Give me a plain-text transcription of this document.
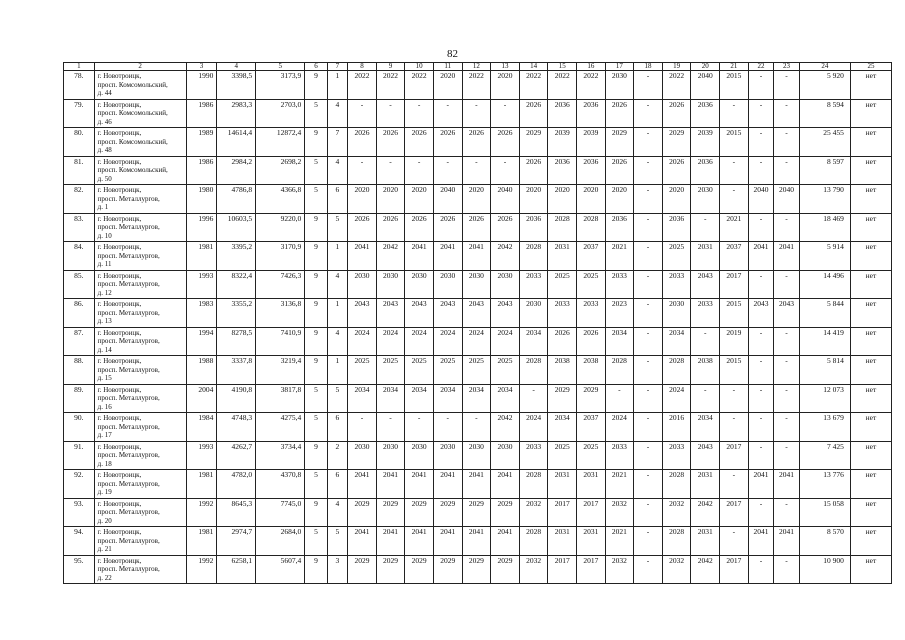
82
1	2	3	4	5	6	7	8	9	10	11	12	13	14	15	16	17	18	19	20	21	22	23	24	25
78.	г. Новотроицк,
просп. Комсомольский,
д. 44	1990	3398,5	3173,9	9	1	2022	2022	2022	2020	2022	2020	2022	2022	2022	2030	-	2022	2040	2015	-	-	5 920	нет
79.	г. Новотроицк,
просп. Комсомольский,
д. 46	1986	2983,3	2703,0	5	4	-	-	-	-	-	-	2026	2036	2036	2026	-	2026	2036	-	-	-	8 594	нет
80.	г. Новотроицк,
просп. Комсомольский,
д. 48	1989	14614,4	12872,4	9	7	2026	2026	2026	2026	2026	2026	2029	2039	2039	2029	-	2029	2039	2015	-	-	25 455	нет
81.	г. Новотроицк,
просп. Комсомольский,
д. 50	1986	2984,2	2698,2	5	4	-	-	-	-	-	-	2026	2036	2036	2026	-	2026	2036	-	-	-	8 597	нет
82.	г. Новотроицк,
просп. Металлургов,
д. 1	1980	4786,8	4366,8	5	6	2020	2020	2020	2040	2020	2040	2020	2020	2020	2020	-	2020	2030	-	2040	2040	13 790	нет
83.	г. Новотроицк,
просп. Металлургов,
д. 10	1996	10603,5	9220,0	9	5	2026	2026	2026	2026	2026	2026	2036	2028	2028	2036	-	2036	-	2021	-	-	18 469	нет
84.	г. Новотроицк,
просп. Металлургов,
д. 11	1981	3395,2	3170,9	9	1	2041	2042	2041	2041	2041	2042	2028	2031	2037	2021	-	2025	2031	2037	2041	2041	5 914	нет
85.	г. Новотроицк,
просп. Металлургов,
д. 12	1993	8322,4	7426,3	9	4	2030	2030	2030	2030	2030	2030	2033	2025	2025	2033	-	2033	2043	2017	-	-	14 496	нет
86.	г. Новотроицк,
просп. Металлургов,
д. 13	1983	3355,2	3136,8	9	1	2043	2043	2043	2043	2043	2043	2030	2033	2033	2023	-	2030	2033	2015	2043	2043	5 844	нет
87.	г. Новотроицк,
просп. Металлургов,
д. 14	1994	8278,5	7410,9	9	4	2024	2024	2024	2024	2024	2024	2034	2026	2026	2034	-	2034	-	2019	-	-	14 419	нет
88.	г. Новотроицк,
просп. Металлургов,
д. 15	1988	3337,8	3219,4	9	1	2025	2025	2025	2025	2025	2025	2028	2038	2038	2028	-	2028	2038	2015	-	-	5 814	нет
89.	г. Новотроицк,
просп. Металлургов,
д. 16	2004	4190,8	3817,8	5	5	2034	2034	2034	2034	2034	2034	-	2029	2029	-	-	2024	-	-	-	-	12 073	нет
90.	г. Новотроицк,
просп. Металлургов,
д. 17	1984	4748,3	4275,4	5	6	-	-	-	-	-	2042	2024	2034	2037	2024	-	2016	2034	-	-	-	13 679	нет
91.	г. Новотроицк,
просп. Металлургов,
д. 18	1993	4262,7	3734,4	9	2	2030	2030	2030	2030	2030	2030	2033	2025	2025	2033	-	2033	2043	2017	-	-	7 425	нет
92.	г. Новотроицк,
просп. Металлургов,
д. 19	1981	4782,0	4370,8	5	6	2041	2041	2041	2041	2041	2041	2028	2031	2031	2021	-	2028	2031	-	2041	2041	13 776	нет
93.	г. Новотроицк,
просп. Металлургов,
д. 20	1992	8645,3	7745,0	9	4	2029	2029	2029	2029	2029	2029	2032	2017	2017	2032	-	2032	2042	2017	-	-	15 058	нет
94.	г. Новотроицк,
просп. Металлургов,
д. 21	1981	2974,7	2684,0	5	5	2041	2041	2041	2041	2041	2041	2028	2031	2031	2021	-	2028	2031	-	2041	2041	8 570	нет
95.	г. Новотроицк,
просп. Металлургов,
д. 22	1992	6258,1	5607,4	9	3	2029	2029	2029	2029	2029	2029	2032	2017	2017	2032	-	2032	2042	2017	-	-	10 900	нет
